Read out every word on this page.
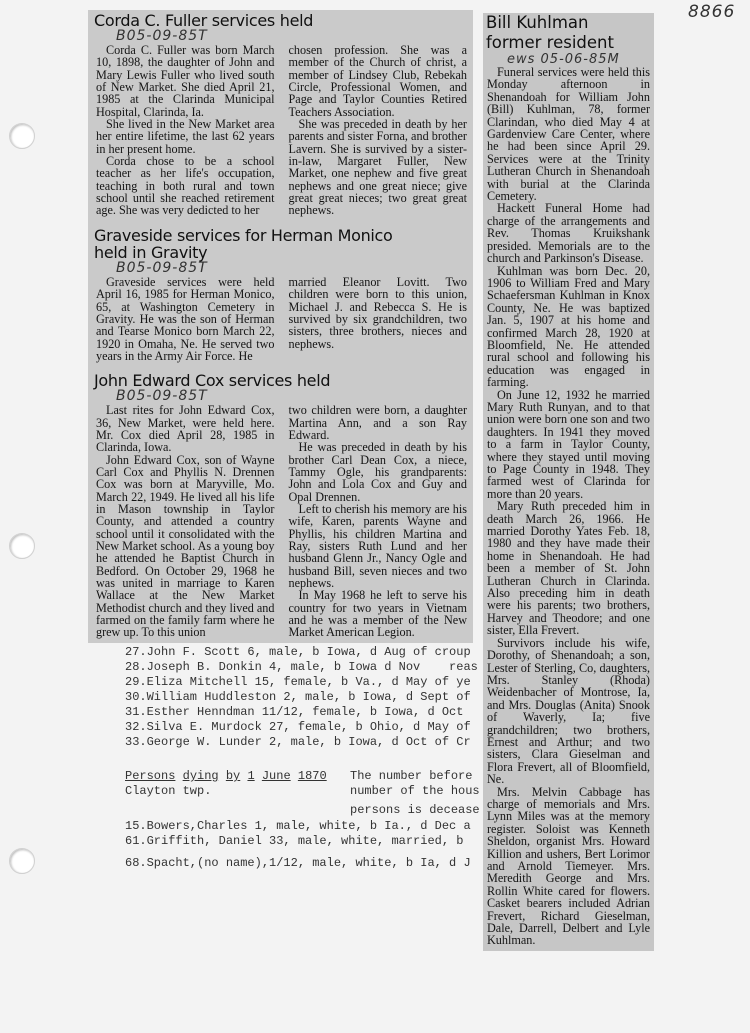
8866
27.John F. Scott 6, male, b Iowa, d Aug of croup
28.Joseph B. Donkin 4, male, b Iowa d Nov    reas
29.Eliza Mitchell 15, female, b Va., d May of ye
30.William Huddleston 2, male, b Iowa, d Sept of
31.Esther Henndman 11/12, female, b Iowa, d Oct
32.Silva E. Murdock 27, female, b Ohio, d May of
33.George W. Lunder 2, male, b Iowa, d Oct of Cr
Persons dying by 1 June 1870
Clayton twp.
The number before
number of the hous
persons is decease
15.Bowers,Charles 1, male, white, b Ia., d Dec a
61.Griffith, Daniel 33, male, white, married, b
68.Spacht,(no name),1/12, male, white, b Ia, d J
Corda C. Fuller services held
B05-09-85T

Corda C. Fuller was born March 10, 1898, the daughter of John and Mary Lewis Fuller who lived south of New Market. She died April 21, 1985 at the Clarinda Municipal Hospital, Clarinda, Ia.

She lived in the New Market area her entire lifetime, the last 62 years in her present home.

Corda chose to be a school teacher as her life's occupation, teaching in both rural and town school until she reached retirement age. She was very dedicted to her

chosen profession. She was a member of the Church of christ, a member of Lindsey Club, Rebekah Circle, Professional Women, and Page and Taylor Counties Retired Teachers Association.

She was preceded in death by her parents and sister Forna, and brother Lavern. She is survived by a sister-in-law, Margaret Fuller, New Market, one nephew and five great nephews and one great niece; give great great nieces; two great great nephews.

Graveside services for Herman Monico held in Gravity
B05-09-85T

Graveside services were held April 16, 1985 for Herman Monico, 65, at Washington Cemetery in Gravity. He was the son of Herman and Tearse Monico born March 22, 1920 in Omaha, Ne. He served two years in the Army Air Force. He

married Eleanor Lovitt. Two children were born to this union, Michael J. and Rebecca S. He is survived by six grandchildren, two sisters, three brothers, nieces and nephews.

John Edward Cox services held
B05-09-85T

Last rites for John Edward Cox, 36, New Market, were held here. Mr. Cox died April 28, 1985 in Clarinda, Iowa.

John Edward Cox, son of Wayne Carl Cox and Phyllis N. Drennen Cox was born at Maryville, Mo. March 22, 1949. He lived all his life in Mason township in Taylor County, and attended a country school until it consolidated with the New Market school. As a young boy he attended he Baptist Church in Bedford. On October 29, 1968 he was united in marriage to Karen Wallace at the New Market Methodist church and they lived and farmed on the family farm where he grew up. To this union

two children were born, a daughter Martina Ann, and a son Ray Edward.

He was preceded in death by his brother Carl Dean Cox, a niece, Tammy Ogle, his grandparents: John and Lola Cox and Guy and Opal Drennen.

Left to cherish his memory are his wife, Karen, parents Wayne and Phyllis, his children Martina and Ray, sisters Ruth Lund and her husband Glenn Jr., Nancy Ogle and husband Bill, seven nieces and two nephews.

In May 1968 he left to serve his country for two years in Vietnam and he was a member of the New Market American Legion.

Bill Kuhlman
former resident
ews 05-06-85M

Funeral services were held this Monday afternoon in Shenandoah for William John (Bill) Kuhlman, 78, former Clarindan, who died May 4 at Gardenview Care Center, where he had been since April 29. Services were at the Trinity Lutheran Church in Shenandoah with burial at the Clarinda Cemetery.

Hackett Funeral Home had charge of the arrangements and Rev. Thomas Kruikshank presided. Memorials are to the church and Parkinson's Disease.

Kuhlman was born Dec. 20, 1906 to William Fred and Mary Schaefersman Kuhlman in Knox County, Ne. He was baptized Jan. 5, 1907 at his home and confirmed March 28, 1920 at Bloomfield, Ne. He attended rural school and following his education was engaged in farming.

On June 12, 1932 he married Mary Ruth Runyan, and to that union were born one son and two daughters. In 1941 they moved to a farm in Taylor County, where they stayed until moving to Page County in 1948. They farmed west of Clarinda for more than 20 years.

Mary Ruth preceded him in death March 26, 1966. He married Dorothy Yates Feb. 18, 1980 and they have made their home in Shenandoah. He had been a member of St. John Lutheran Church in Clarinda. Also preceding him in death were his parents; two brothers, Harvey and Theodore; and one sister, Ella Frevert.

Survivors include his wife, Dorothy, of Shenandoah; a son, Lester of Sterling, Co, daughters, Mrs. Stanley (Rhoda) Weidenbacher of Montrose, Ia, and Mrs. Douglas (Anita) Snook of Waverly, Ia; five grandchildren; two brothers, Ernest and Arthur; and two sisters, Clara Gieselman and Flora Frevert, all of Bloomfield, Ne.

Mrs. Melvin Cabbage has charge of memorials and Mrs. Lynn Miles was at the memory register. Soloist was Kenneth Sheldon, organist Mrs. Howard Killion and ushers, Bert Lorimor and Arnold Tiemeyer. Mrs. Meredith George and Mrs. Rollin White cared for flowers. Casket bearers included Adrian Frevert, Richard Gieselman, Dale, Darrell, Delbert and Lyle Kuhlman.
